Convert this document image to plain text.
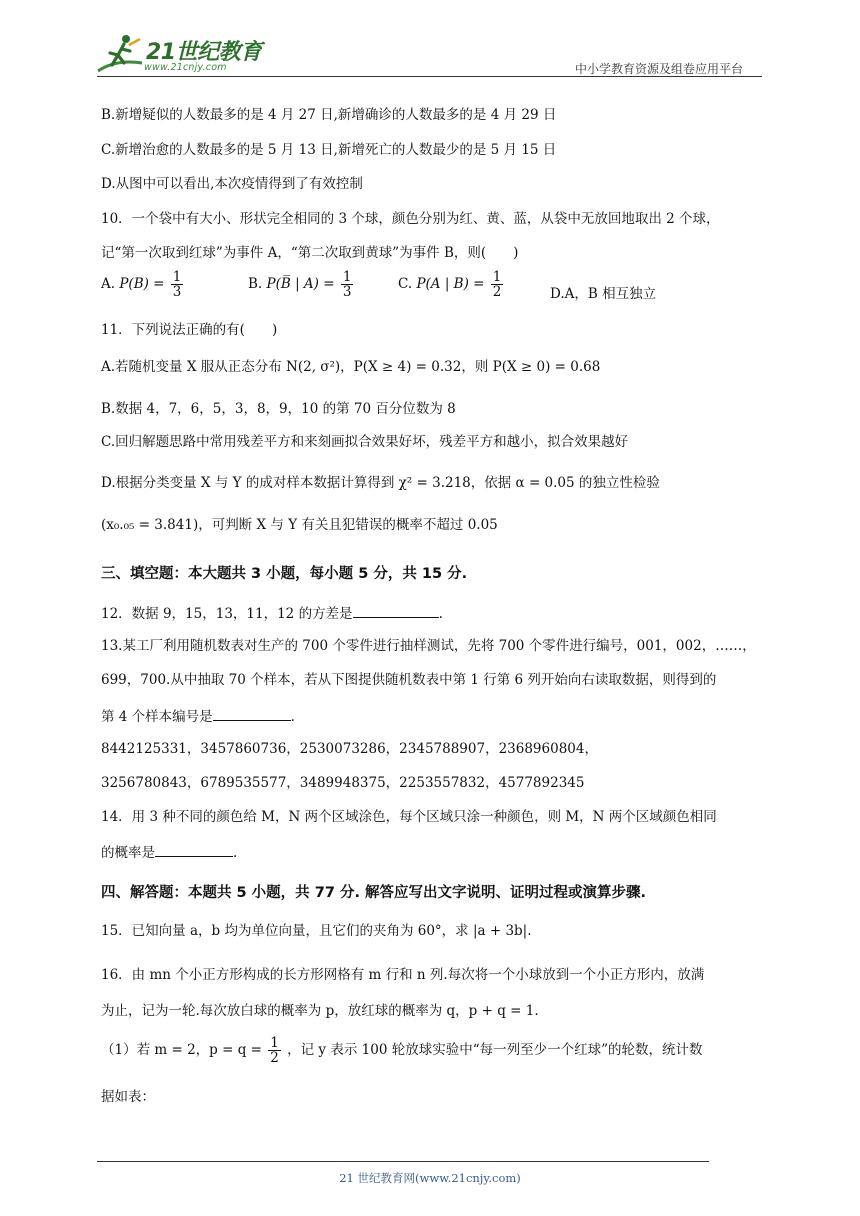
21世纪教育
www.21cnjy.com	中小学教育资源及组卷应用平台
B.新增疑似的人数最多的是 4 月 27 日,新增确诊的人数最多的是 4 月 29 日
C.新增治愈的人数最多的是 5 月 13 日,新增死亡的人数最少的是 5 月 15 日
D.从图中可以看出,本次疫情得到了有效控制
10．一个袋中有大小、形状完全相同的 3 个球，颜色分别为红、黄、蓝，从袋中无放回地取出 2 个球，
记“第一次取到红球”为事件 A，“第二次取到黄球”为事件 B，则(　　)
A. $P(B) = \frac{1}{3}$	B. P(B̅ | $A) = \frac{1}{3}$	C. P(A | $B) = \frac{1}{2}$	D.A，B 相互独立
11．下列说法正确的有(　　)
A.若随机变量 X 服从正态分布 N(2, σ²)，P(X ≥ 4) = 0.32，则 P(X ≥ 0) = 0.68
B.数据 4，7，6，5，3，8，9，10 的第 70 百分位数为 8
C.回归解题思路中常用残差平方和来刻画拟合效果好坏，残差平方和越小，拟合效果越好
D.根据分类变量 X 与 Y 的成对样本数据计算得到 χ² = 3.218，依据 α = 0.05 的独立性检验
(x₀.₀₅ = 3.841)，可判断 X 与 Y 有关且犯错误的概率不超过 0.05
三、填空题：本大题共 3 小题，每小题 5 分，共 15 分.
12．数据 9，15，13，11，12 的方差是	.
13.某工厂利用随机数表对生产的 700 个零件进行抽样测试，先将 700 个零件进行编号，001，002，……，
699，700.从中抽取 70 个样本，若从下图提供随机数表中第 1 行第 6 列开始向右读取数据，则得到的
第 4 个样本编号是	.
8442125331，3457860736，2530073286，2345788907，2368960804，
3256780843，6789535577，3489948375，2253557832，4577892345
14．用 3 种不同的颜色给 M，N 两个区域涂色，每个区域只涂一种颜色，则 M，N 两个区域颜色相同
的概率是	.
四、解答题：本题共 5 小题，共 77 分. 解答应写出文字说明、证明过程或演算步骤.
15．已知向量 a，b 均为单位向量，且它们的夹角为 60°，求 |a + 3b|.
16．由 mn 个小正方形构成的长方形网格有 m 行和 n 列.每次将一个小球放到一个小正方形内，放满
为止，记为一轮.每次放白球的概率为 p，放红球的概率为 q，p + q = 1.
（1）若 m = 2，$p = q = \frac{1}{2}$ ，记 y 表示 100 轮放球实验中“每一列至少一个红球”的轮数，统计数
据如表：
21 世纪教育网(www.21cnjy.com)
